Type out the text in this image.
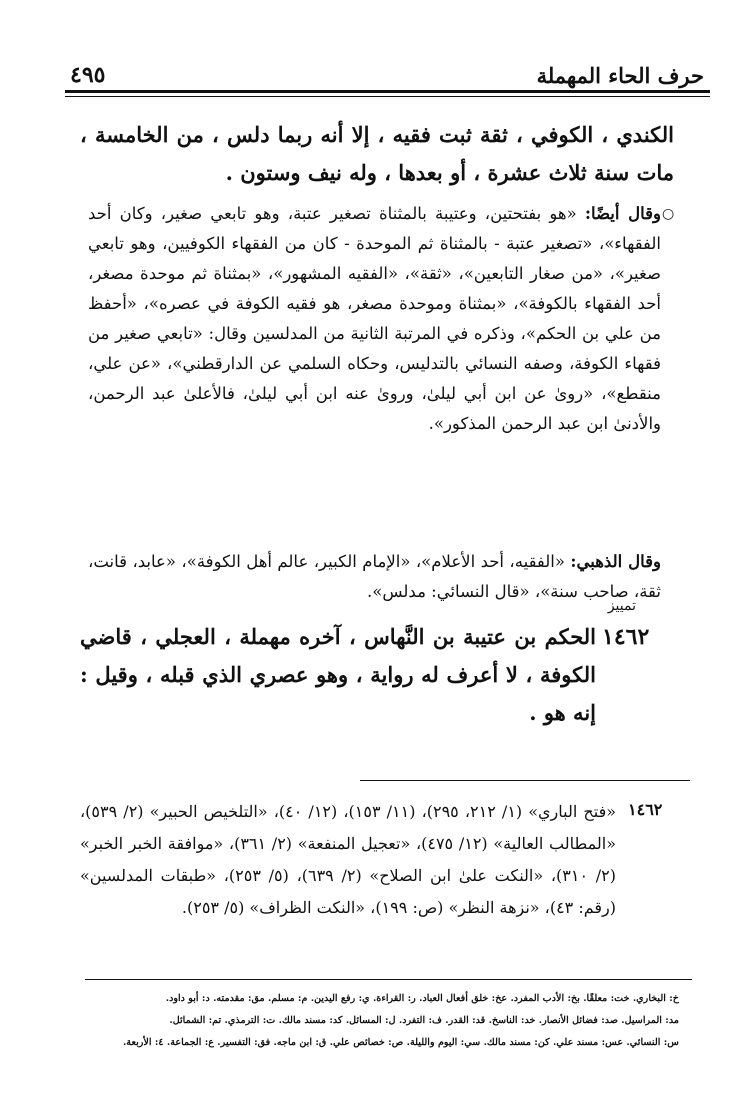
حرف الحاء المهملة
٤٩٥
الكندي ، الكوفي ، ثقة ثبت فقيه ، إلا أنه ربما دلس ، من الخامسة ، مات سنة ثلاث عشرة ، أو بعدها ، وله نيف وستون .
○
وقال أيضًا: «هو بفتحتين، وعتيبة بالمثناة تصغير عتبة، وهو تابعي صغير، وكان أحد الفقهاء»، «تصغير عتبة - بالمثناة ثم الموحدة - كان من الفقهاء الكوفيين، وهو تابعي صغير»، «من صغار التابعين»، «ثقة»، «الفقيه المشهور»، «بمثناة ثم موحدة مصغر، أحد الفقهاء بالكوفة»، «بمثناة وموحدة مصغر، هو فقيه الكوفة في عصره»، «أحفظ من علي بن الحكم»، وذكره في المرتبة الثانية من المدلسين وقال: «تابعي صغير من فقهاء الكوفة، وصفه النسائي بالتدليس، وحكاه السلمي عن الدارقطني»، «عن علي، منقطع»، «روىٰ عن ابن أبي ليلىٰ، وروىٰ عنه ابن أبي ليلىٰ، فالأعلىٰ عبد الرحمن، والأدنىٰ ابن عبد الرحمن المذكور».
وقال الذهبي: «الفقيه، أحد الأعلام»، «الإمام الكبير، عالم أهل الكوفة»، «عابد، قانت، ثقة، صاحب سنة»، «قال النسائي: مدلس».
تمييز
١٤٦٢
الحكم بن عتيبة بن النَّهاس ، آخره مهملة ، العجلي ، قاضي الكوفة ، لا أعرف له رواية ، وهو عصري الذي قبله ، وقيل : إنه هو .
١٤٦٢
«فتح الباري» (١/ ٢١٢، ٢٩٥)، (١١/ ١٥٣)، (١٢/ ٤٠)، «التلخيص الحبير» (٢/ ٥٣٩)، «المطالب العالية» (١٢/ ٤٧٥)، «تعجيل المنفعة» (٢/ ٣٦١)، «موافقة الخبر الخبر» (٢/ ٣١٠)، «النكت علىٰ ابن الصلاح» (٢/ ٦٣٩)، (٥/ ٢٥٣)، «طبقات المدلسين» (رقم: ٤٣)، «نزهة النظر» (ص: ١٩٩)، «النكت الظراف» (٥/ ٢٥٣).
خ: البخاري. خت: معلقًا. بخ: الأدب المفرد. عخ: خلق أفعال العباد. ر: القراءة. ي: رفع اليدين. م: مسلم. مق: مقدمته. د: أبو داود.
مد: المراسيل. صد: فضائل الأنصار. خد: الناسخ. قد: القدر. ف: التفرد. ل: المسائل. كد: مسند مالك. ت: الترمذي. تم: الشمائل.
س: النسائي. عس: مسند علي. كن: مسند مالك. سي: اليوم والليلة. ص: خصائص علي. ق: ابن ماجه. فق: التفسير. ع: الجماعة. ٤: الأربعة.
